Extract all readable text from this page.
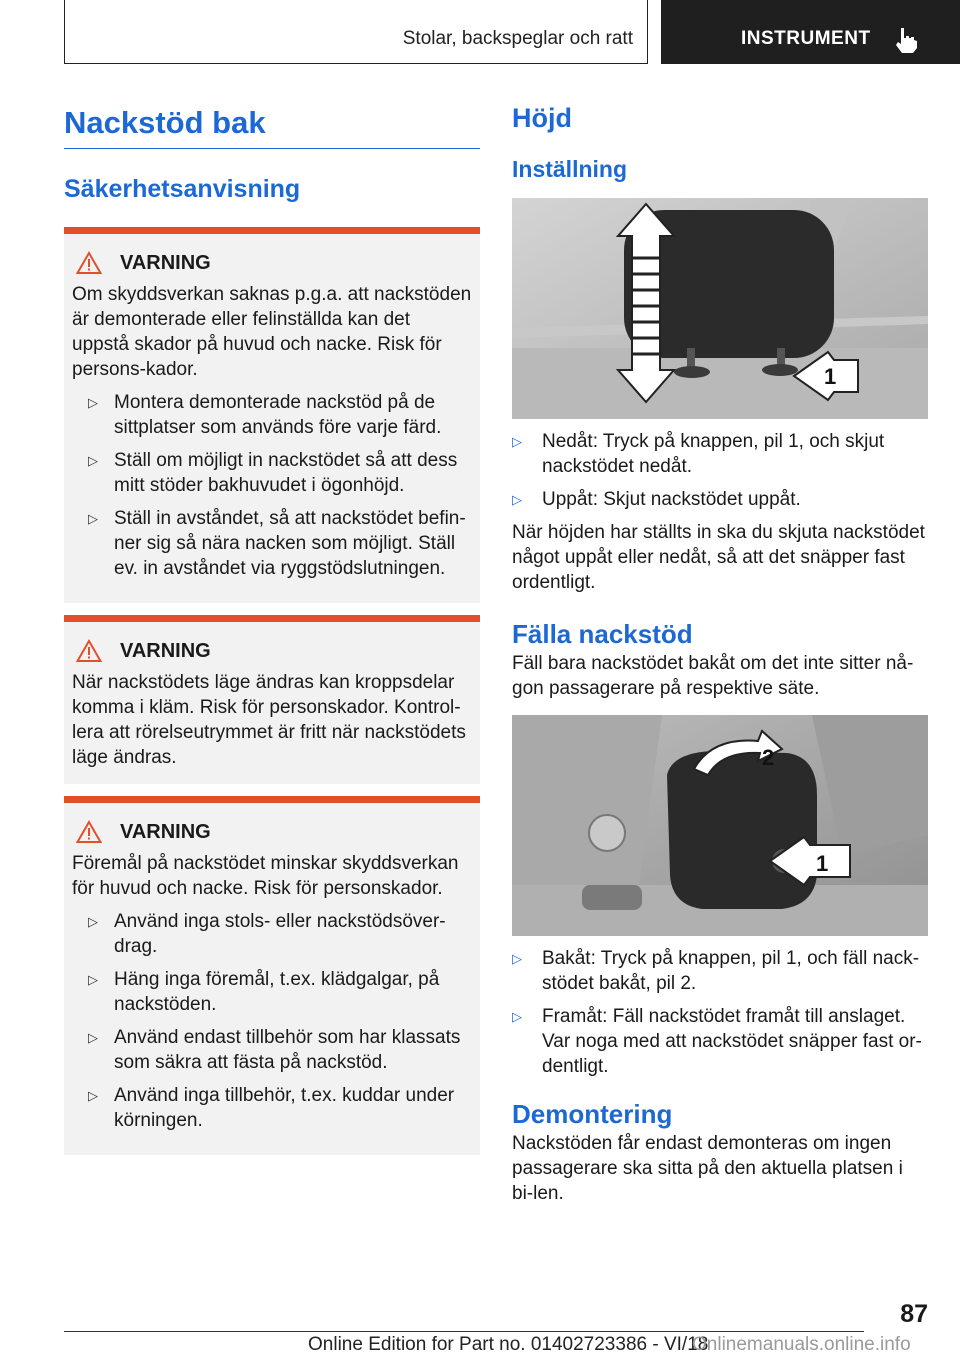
Stolar, backspeglar och ratt	INSTRUMENT
Nackstöd bak
Säkerhetsanvisning
VARNING

Om skyddsverkan saknas p.g.a. att nackstöden är demonterade eller felinställda kan det uppstå skador på huvud och nacke. Risk för persons-kador.

▷ Montera demonterade nackstöd på de sittplatser som används före varje färd.
▷ Ställ om möjligt in nackstödet så att dess mitt stöder bakhuvudet i ögonhöjd.
▷ Ställ in avståndet, så att nackstödet befin-ner sig så nära nacken som möjligt. Ställ ev. in avståndet via ryggstödslutningen.
VARNING

När nackstödets läge ändras kan kroppsdelar komma i kläm. Risk för personskador. Kontrol-lera att rörelseutrymmet är fritt när nackstödets läge ändras.

VARNING

Föremål på nackstödet minskar skyddsverkan för huvud och nacke. Risk för personskador.

▷ Använd inga stols- eller nackstödsöver-drag.
▷ Häng inga föremål, t.ex. klädgalgar, på nackstöden.
▷ Använd endast tillbehör som har klassats som säkra att fästa på nackstöd.
▷ Använd inga tillbehör, t.ex. kuddar under körningen.
Höjd
Inställning
1
▷ Nedåt: Tryck på knappen, pil 1, och skjut nackstödet nedåt.
▷ Uppåt: Skjut nackstödet uppåt.

När höjden har ställts in ska du skjuta nackstödet något uppåt eller nedåt, så att det snäpper fast ordentligt.

Fälla nackstöd

Fäll bara nackstödet bakåt om det inte sitter nå-gon passagerare på respektive säte.

2
1
▷ Bakåt: Tryck på knappen, pil 1, och fäll nack-stödet bakåt, pil 2.
▷ Framåt: Fäll nackstödet framåt till anslaget. Var noga med att nackstödet snäpper fast or-dentligt.
Demontering

Nackstöden får endast demonteras om ingen passagerare ska sitta på den aktuella platsen i bi-len.

87
Online Edition for Part no. 01402723386 - VI/18
Onlinemanuals.online.info
